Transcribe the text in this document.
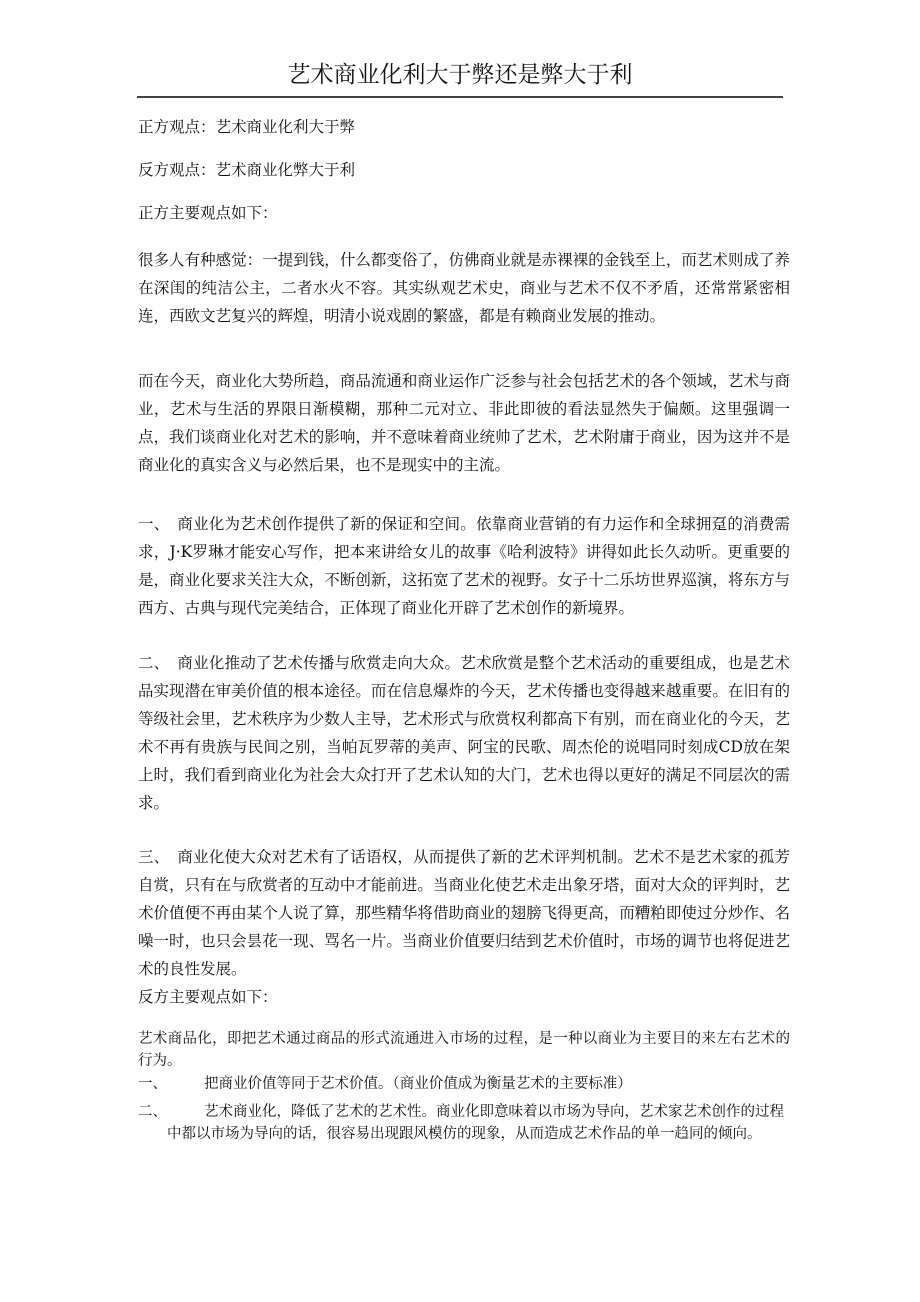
艺术商业化利大于弊还是弊大于利
正方观点：艺术商业化利大于弊
反方观点：艺术商业化弊大于利
正方主要观点如下：
很多人有种感觉：一提到钱，什么都变俗了，仿佛商业就是赤裸裸的金钱至上，而艺术则成了养在深闺的纯洁公主，二者水火不容。其实纵观艺术史，商业与艺术不仅不矛盾，还常常紧密相连，西欧文艺复兴的辉煌，明清小说戏剧的繁盛，都是有赖商业发展的推动。
而在今天，商业化大势所趋，商品流通和商业运作广泛参与社会包括艺术的各个领域，艺术与商业，艺术与生活的界限日渐模糊，那种二元对立、非此即彼的看法显然失于偏颇。这里强调一点，我们谈商业化对艺术的影响，并不意味着商业统帅了艺术，艺术附庸于商业，因为这并不是商业化的真实含义与必然后果，也不是现实中的主流。
一、　商业化为艺术创作提供了新的保证和空间。依靠商业营销的有力运作和全球拥趸的消费需求，J·K罗琳才能安心写作，把本来讲给女儿的故事《哈利波特》讲得如此长久动听。更重要的是，商业化要求关注大众，不断创新，这拓宽了艺术的视野。女子十二乐坊世界巡演，将东方与西方、古典与现代完美结合，正体现了商业化开辟了艺术创作的新境界。
二、　商业化推动了艺术传播与欣赏走向大众。艺术欣赏是整个艺术活动的重要组成，也是艺术品实现潜在审美价值的根本途径。而在信息爆炸的今天，艺术传播也变得越来越重要。在旧有的等级社会里，艺术秩序为少数人主导，艺术形式与欣赏权利都高下有别，而在商业化的今天，艺术不再有贵族与民间之别，当帕瓦罗蒂的美声、阿宝的民歌、周杰伦的说唱同时刻成CD放在架上时，我们看到商业化为社会大众打开了艺术认知的大门，艺术也得以更好的满足不同层次的需求。
三、　商业化使大众对艺术有了话语权，从而提供了新的艺术评判机制。艺术不是艺术家的孤芳自赏，只有在与欣赏者的互动中才能前进。当商业化使艺术走出象牙塔，面对大众的评判时，艺术价值便不再由某个人说了算，那些精华将借助商业的翅膀飞得更高，而糟粕即使过分炒作、名噪一时，也只会昙花一现、骂名一片。当商业价值要归结到艺术价值时，市场的调节也将促进艺术的良性发展。
反方主要观点如下：
艺术商品化，即把艺术通过商品的形式流通进入市场的过程，是一种以商业为主要目的来左右艺术的行为。
一、	把商业价值等同于艺术价值。（商业价值成为衡量艺术的主要标准）
二、	艺术商业化，降低了艺术的艺术性。商业化即意味着以市场为导向，艺术家艺术创作的过程中都以市场为导向的话，很容易出现跟风模仿的现象，从而造成艺术作品的单一趋同的倾向。
